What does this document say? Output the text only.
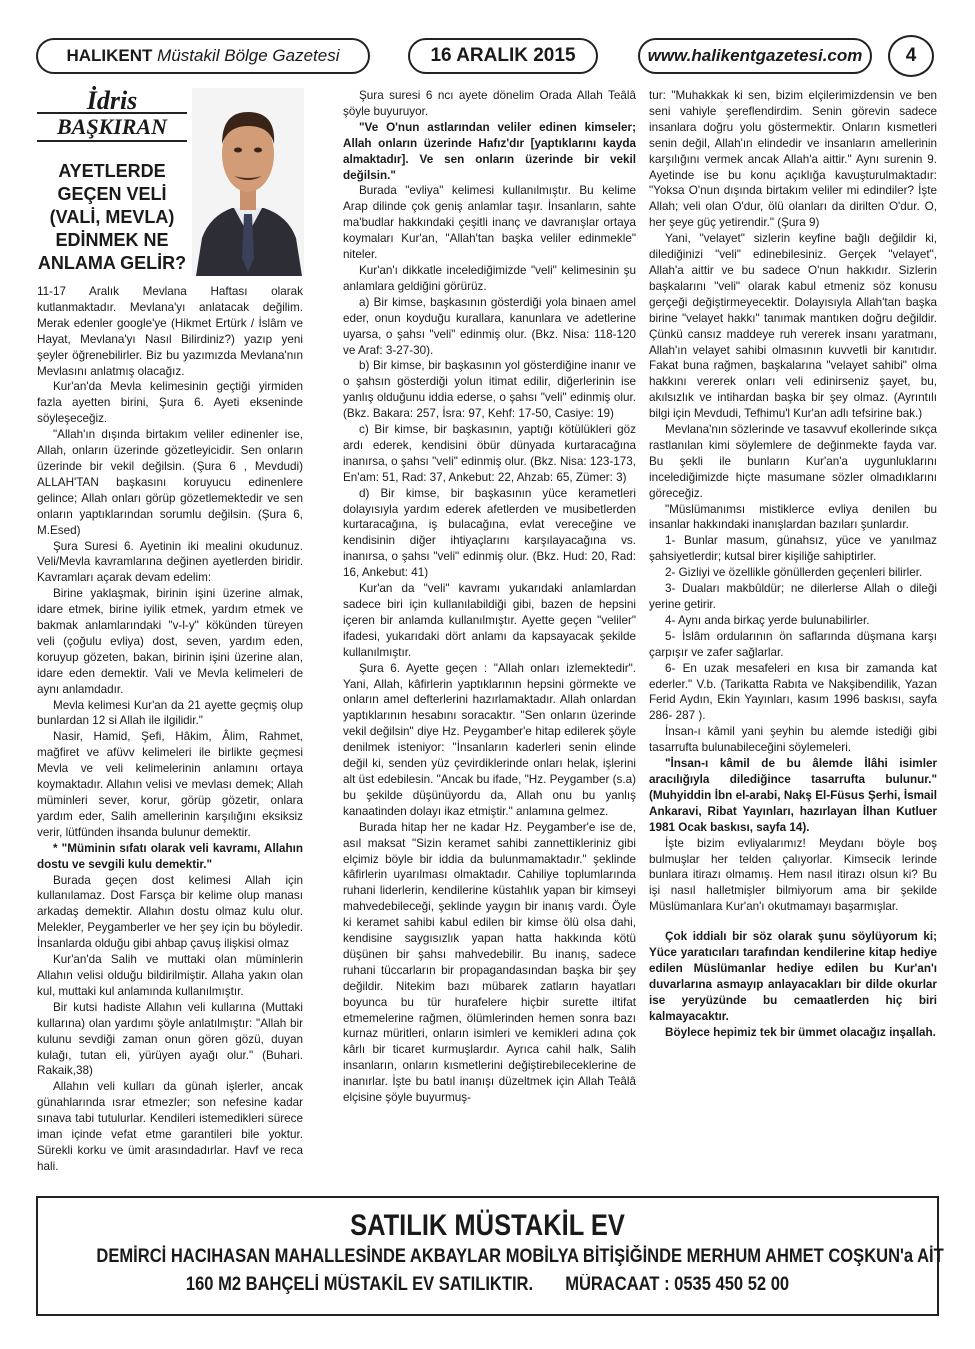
HALIKENT
Müstakil Bölge Gazetesi	16 ARALIK 2015	www.halikentgazetesi.com	4
İdris
BAŞKIRAN
AYETLERDE
GEÇEN VELİ
(VALİ, MEVLA)
EDİNMEK NE
ANLAMA GELİR?

11-17 Aralık Mevlana Haftası olarak kutlanmaktadır. Mevlana'yı anlatacak değilim. Merak edenler google'ye (Hikmet Ertürk / İslâm ve Hayat, Mevlana'yı Nasıl Bilirdiniz?) yazıp yeni şeyler öğrenebilirler. Biz bu yazımızda Mevlana'nın Mevlasını anlatmış olacağız.

Kur'an'da Mevla kelimesinin geçtiği yirmiden fazla ayetten birini, Şura 6. Ayeti ekseninde söyleşeceğiz.

"Allah'ın dışında birtakım veliler edinenler ise, Allah, onların üzerinde gözetleyicidir. Sen onların üzerinde bir vekil değilsin. (Şura 6 , Mevdudi) ALLAH'TAN başkasını koruyucu edinenlere gelince; Allah onları görüp gözetlemektedir ve sen onların yaptıklarından sorumlu değilsin. (Şura 6, M.Esed)

Şura Suresi 6. Ayetinin iki mealini okudunuz. Veli/Mevla kavramlarına değinen ayetlerden biridir. Kavramları açarak devam edelim:

Birine yaklaşmak, birinin işini üzerine almak, idare etmek, birine iyilik etmek, yardım etmek ve bakmak anlamlarındaki "v-l-y" kökünden türeyen veli (çoğulu evliya) dost, seven, yardım eden, koruyup gözeten, bakan, birinin işini üzerine alan, idare eden demektir. Vali ve Mevla kelimeleri de aynı anlamdadır.

Mevla kelimesi Kur'an da 21 ayette geçmiş olup bunlardan 12 si Allah ile ilgilidir."

Nasir, Hamid, Şefi, Hâkim, Âlim, Rahmet, mağfiret ve afüvv kelimeleri ile birlikte geçmesi Mevla ve veli kelimelerinin anlamını ortaya koymaktadır. Allahın velisi ve mevlası demek; Allah müminleri sever, korur, görüp gözetir, onlara yardım eder, Salih amellerinin karşılığını eksiksiz verir, lütfünden ihsanda bulunur demektir.

* "Müminin sıfatı olarak veli kavramı, Allahın dostu ve sevgili kulu demektir."

Burada geçen dost kelimesi Allah için kullanılamaz. Dost Farsça bir kelime olup manası arkadaş demektir. Allahın dostu olmaz kulu olur. Melekler, Peygamberler ve her şey için bu böyledir. İnsanlarda olduğu gibi ahbap çavuş ilişkisi olmaz

Kur'an'da Salih ve muttaki olan müminlerin Allahın velisi olduğu bildirilmiştir. Allaha yakın olan kul, muttaki kul anlamında kullanılmıştır.

Bir kutsi hadiste Allahın veli kullarına (Muttaki kullarına) olan yardımı şöyle anlatılmıştır: "Allah bir kulunu sevdiği zaman onun gören gözü, duyan kulağı, tutan eli, yürüyen ayağı olur." (Buhari. Rakaik,38)

Allahın veli kulları da günah işlerler, ancak günahlarında ısrar etmezler; son nefesine kadar sınava tabi tutulurlar. Kendileri istemedikleri sürece iman içinde vefat etme garantileri bile yoktur. Sürekli korku ve ümit arasındadırlar. Havf ve reca hali.

Şura suresi 6 ncı ayete dönelim Orada Allah Teâlâ şöyle buyuruyor.

"Ve O'nun astlarından veliler edinen kimseler; Allah onların üzerinde Hafız'dır [yaptıklarını kayda almaktadır]. Ve sen onların üzerinde bir vekil değilsin."

Burada "evliya" kelimesi kullanılmıştır. Bu kelime Arap dilinde çok geniş anlamlar taşır. İnsanların, sahte ma'budlar hakkındaki çeşitli inanç ve davranışlar ortaya koymaları Kur'an, "Allah'tan başka veliler edinmekle" niteler.

Kur'an'ı dikkatle incelediğimizde "veli" kelimesinin şu anlamlara geldiğini görürüz.

a) Bir kimse, başkasının gösterdiği yola binaen amel eder, onun koyduğu kurallara, kanunlara ve adetlerine uyarsa, o şahsı "veli" edinmiş olur. (Bkz. Nisa: 118-120 ve Araf: 3-27-30).

b) Bir kimse, bir başkasının yol gösterdiğine inanır ve o şahsın gösterdiği yolun itimat edilir, diğerlerinin ise yanlış olduğunu iddia ederse, o şahsı "veli" edinmiş olur. (Bkz. Bakara: 257, İsra: 97, Kehf: 17-50, Casiye: 19)

c) Bir kimse, bir başkasının, yaptığı kötülükleri göz ardı ederek, kendisini öbür dünyada kurtaracağına inanırsa, o şahsı "veli" edinmiş olur. (Bkz. Nisa: 123-173, En'am: 51, Rad: 37, Ankebut: 22, Ahzab: 65, Zümer: 3)

d) Bir kimse, bir başkasının yüce kerametleri dolayısıyla yardım ederek afetlerden ve musibetlerden kurtaracağına, iş bulacağına, evlat vereceğine ve kendisinin diğer ihtiyaçlarını karşılayacağına vs. inanırsa, o şahsı "veli" edinmiş olur. (Bkz. Hud: 20, Rad: 16, Ankebut: 41)

Kur'an da "veli" kavramı yukarıdaki anlamlardan sadece biri için kullanılabildiği gibi, bazen de hepsini içeren bir anlamda kullanılmıştır. Ayette geçen "veliler" ifadesi, yukarıdaki dört anlamı da kapsayacak şekilde kullanılmıştır.

Şura 6. Ayette geçen : "Allah onları izlemektedir". Yani, Allah, kâfirlerin yaptıklarının hepsini görmekte ve onların amel defterlerini hazırlamaktadır. Allah onlardan yaptıklarının hesabını soracaktır. "Sen onların üzerinde vekil değilsin" diye Hz. Peygamber'e hitap edilerek şöyle denilmek isteniyor: "İnsanların kaderleri senin elinde değil ki, senden yüz çevirdiklerinde onları helak, işlerini alt üst edebilesin. "Ancak bu ifade, "Hz. Peygamber (s.a) bu şekilde düşünüyordu da, Allah onu bu yanlış kanaatinden dolayı ikaz etmiştir." anlamına gelmez.

Burada hitap her ne kadar Hz. Peygamber'e ise de, asıl maksat "Sizin keramet sahibi zannettikleriniz gibi elçimiz böyle bir iddia da bulunmamaktadır." şeklinde kâfirlerin uyarılması olmaktadır. Cahiliye toplumlarında ruhani liderlerin, kendilerine küstahlık yapan bir kimseyi mahvedebileceği, şeklinde yaygın bir inanış vardı. Öyle ki keramet sahibi kabul edilen bir kimse ölü olsa dahi, kendisine saygısızlık yapan hatta hakkında kötü düşünen bir şahsı mahvedebilir. Bu inanış, sadece ruhani tüccarların bir propagandasından başka bir şey değildir. Nitekim bazı mübarek zatların hayatları boyunca bu tür hurafelere hiçbir surette iltifat etmemelerine rağmen, ölümlerinden hemen sonra bazı kurnaz müritleri, onların isimleri ve kemikleri adına çok kârlı bir ticaret kurmuşlardır. Ayrıca cahil halk, Salih insanların, onların kısmetlerini değiştirebileceklerine de inanırlar. İşte bu batıl inanışı düzeltmek için Allah Teâlâ elçisine şöyle buyurmuş-

tur: "Muhakkak ki sen, bizim elçilerimizdensin ve ben seni vahiyle şereflendirdim. Senin görevin sadece insanlara doğru yolu göstermektir. Onların kısmetleri senin değil, Allah'ın elindedir ve insanların amellerinin karşılığını vermek ancak Allah'a aittir." Aynı surenin 9. Ayetinde ise bu konu açıklığa kavuşturulmaktadır: "Yoksa O'nun dışında birtakım veliler mi edindiler? İşte Allah; veli olan O'dur, ölü olanları da dirilten O'dur. O, her şeye güç yetirendir." (Şura 9)

Yani, "velayet" sizlerin keyfine bağlı değildir ki, dilediğinizi "veli" edinebilesiniz. Gerçek "velayet", Allah'a aittir ve bu sadece O'nun hakkıdır. Sizlerin başkalarını "veli" olarak kabul etmeniz söz konusu gerçeği değiştirmeyecektir. Dolayısıyla Allah'tan başka birine "velayet hakkı" tanımak mantıken doğru değildir. Çünkü cansız maddeye ruh vererek insanı yaratmanı, Allah'ın velayet sahibi olmasının kuvvetli bir kanıtıdır. Fakat buna rağmen, başkalarına "velayet sahibi" olma hakkını vererek onları veli edinirseniz şayet, bu, akılsızlık ve intihardan başka bir şey olmaz. (Ayrıntılı bilgi için Mevdudi, Tefhimu'l Kur'an adlı tefsirine bak.)

Mevlana'nın sözlerinde ve tasavvuf ekollerinde sıkça rastlanılan kimi söylemlere de değinmekte fayda var. Bu şekli ile bunların Kur'an'a uygunluklarını incelediğimizde hiçte masumane sözler olmadıklarını göreceğiz.

"Müslümanımsı mistiklerce evliya denilen bu insanlar hakkındaki inanışlardan bazıları şunlardır.

1- Bunlar masum, günahsız, yüce ve yanılmaz şahsiyetlerdir; kutsal birer kişiliğe sahiptirler.

2- Gizliyi ve özellikle gönüllerden geçenleri bilirler.

3- Duaları makbûldür; ne dilerlerse Allah o dileği yerine getirir.

4- Aynı anda birkaç yerde bulunabilirler.

5- İslâm ordularının ön saflarında düşmana karşı çarpışır ve zafer sağlarlar.

6- En uzak mesafeleri en kısa bir zamanda kat ederler." V.b. (Tarikatta Rabıta ve Nakşibendilik, Yazan Ferid Aydın, Ekin Yayınları, kasım 1996 baskısı, sayfa 286- 287 ).

İnsan-ı kâmil yani şeyhin bu alemde istediği gibi tasarrufta bulunabileceğini söylemeleri.

"İnsan-ı kâmil de bu âlemde İlâhi isimler aracılığıyla dilediğince tasarrufta bulunur." (Muhyiddin İbn el-arabi, Nakş El-Füsus Şerhi, İsmail Ankaravi, Ribat Yayınları, hazırlayan İlhan Kutluer 1981 Ocak baskısı, sayfa 14).

İşte bizim evliyalarımız! Meydanı böyle boş bulmuşlar her telden çalıyorlar. Kimsecik lerinde bunlara itirazı olmamış. Hem nasıl itirazı olsun ki? Bu işi nasıl halletmişler bilmiyorum ama bir şekilde Müslümanlara Kur'an'ı okutmamayı başarmışlar.

Çok iddialı bir söz olarak şunu söylüyorum ki; Yüce yaratıcıları tarafından kendilerine kitap hediye edilen Müslümanlar hediye edilen bu Kur'an'ı duvarlarına asmayıp anlayacakları bir dilde okurlar ise yeryüzünde bu cemaatlerden hiç biri kalmayacaktır.

Böylece hepimiz tek bir ümmet olacağız inşallah.

SATILIK MÜSTAKİL EV
DEMİRCİ HACIHASAN MAHALLESİNDE AKBAYLAR MOBİLYA BİTİŞİĞİNDE MERHUM AHMET COŞKUN'a AİT
160 M2 BAHÇELİ MÜSTAKİL EV SATILIKTIR.       MÜRACAAT : 0535 450 52 00
